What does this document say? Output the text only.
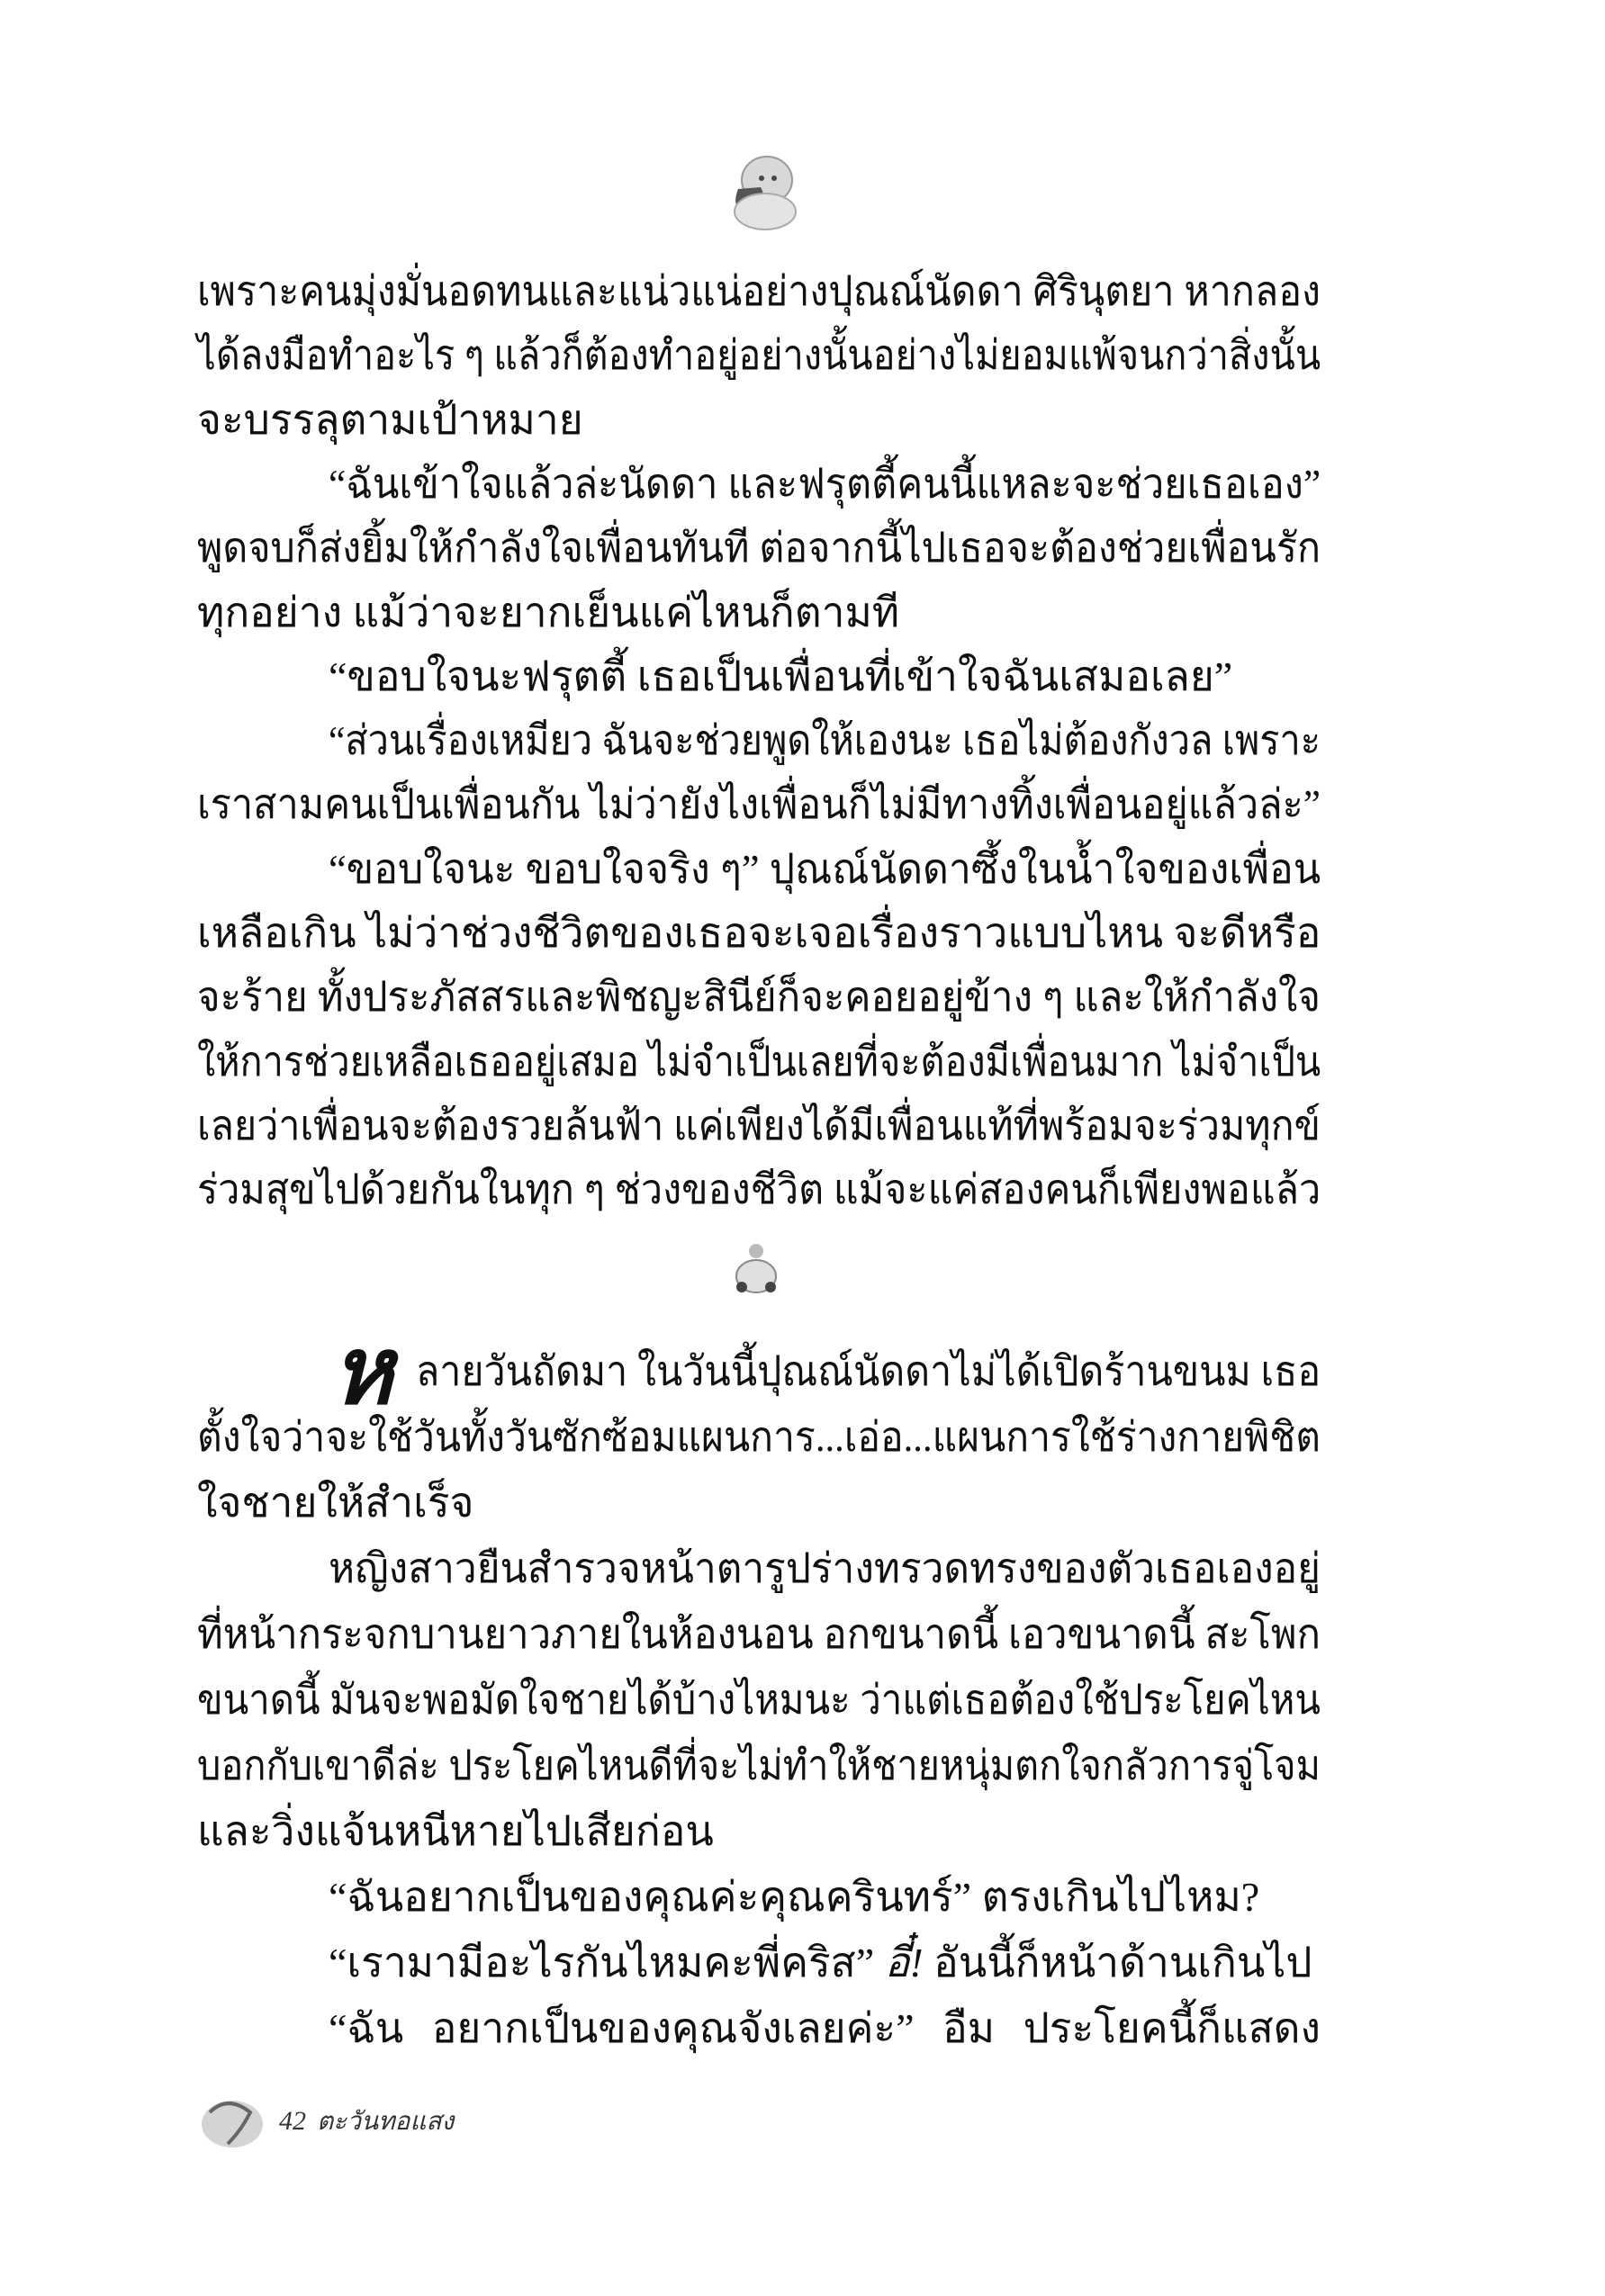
เพราะคนมุ่งมั่นอดทนและแน่วแน่อย่างปุณณ์นัดดา ศิรินุตยา หากลอง
ได้ลงมือทำอะไร ๆ แล้วก็ต้องทำอยู่อย่างนั้นอย่างไม่ยอมแพ้จนกว่าสิ่งนั้น
จะบรรลุตามเป้าหมาย
“ฉันเข้าใจแล้วล่ะนัดดา และฟรุตตี้คนนี้แหละจะช่วยเธอเอง”
พูดจบก็ส่งยิ้มให้กำลังใจเพื่อนทันที ต่อจากนี้ไปเธอจะต้องช่วยเพื่อนรัก
ทุกอย่าง แม้ว่าจะยากเย็นแค่ไหนก็ตามที
“ขอบใจนะฟรุตตี้ เธอเป็นเพื่อนที่เข้าใจฉันเสมอเลย”
“ส่วนเรื่องเหมียว ฉันจะช่วยพูดให้เองนะ เธอไม่ต้องกังวล เพราะ
เราสามคนเป็นเพื่อนกัน ไม่ว่ายังไงเพื่อนก็ไม่มีทางทิ้งเพื่อนอยู่แล้วล่ะ”
“ขอบใจนะ ขอบใจจริง ๆ” ปุณณ์นัดดาซึ้งในน้ำใจของเพื่อน
เหลือเกิน ไม่ว่าช่วงชีวิตของเธอจะเจอเรื่องราวแบบไหน จะดีหรือ
จะร้าย ทั้งประภัสสรและพิชญะสินีย์ก็จะคอยอยู่ข้าง ๆ และให้กำลังใจ
ให้การช่วยเหลือเธออยู่เสมอ ไม่จำเป็นเลยที่จะต้องมีเพื่อนมาก ไม่จำเป็น
เลยว่าเพื่อนจะต้องรวยล้นฟ้า แค่เพียงได้มีเพื่อนแท้ที่พร้อมจะร่วมทุกข์
ร่วมสุขไปด้วยกันในทุก ๆ ช่วงของชีวิต แม้จะแค่สองคนก็เพียงพอแล้ว
ห ลายวันถัดมา ในวันนี้ปุณณ์นัดดาไม่ได้เปิดร้านขนม เธอ
ตั้งใจว่าจะใช้วันทั้งวันซักซ้อมแผนการ...เอ่อ...แผนการใช้ร่างกายพิชิต
ใจชายให้สำเร็จ
หญิงสาวยืนสำรวจหน้าตารูปร่างทรวดทรงของตัวเธอเองอยู่
ที่หน้ากระจกบานยาวภายในห้องนอน อกขนาดนี้ เอวขนาดนี้ สะโพก
ขนาดนี้ มันจะพอมัดใจชายได้บ้างไหมนะ ว่าแต่เธอต้องใช้ประโยคไหน
บอกกับเขาดีล่ะ ประโยคไหนดีที่จะไม่ทำให้ชายหนุ่มตกใจกลัวการจู่โจม
และวิ่งแจ้นหนีหายไปเสียก่อน
“ฉันอยากเป็นของคุณค่ะคุณครินทร์” ตรงเกินไปไหม?
“เรามามีอะไรกันไหมคะพี่คริส” อี๋! อันนี้ก็หน้าด้านเกินไป
“ฉัน อยากเป็นของคุณจังเลยค่ะ” อืม ประโยคนี้ก็แสดง
42 ตะวันทอแสง
